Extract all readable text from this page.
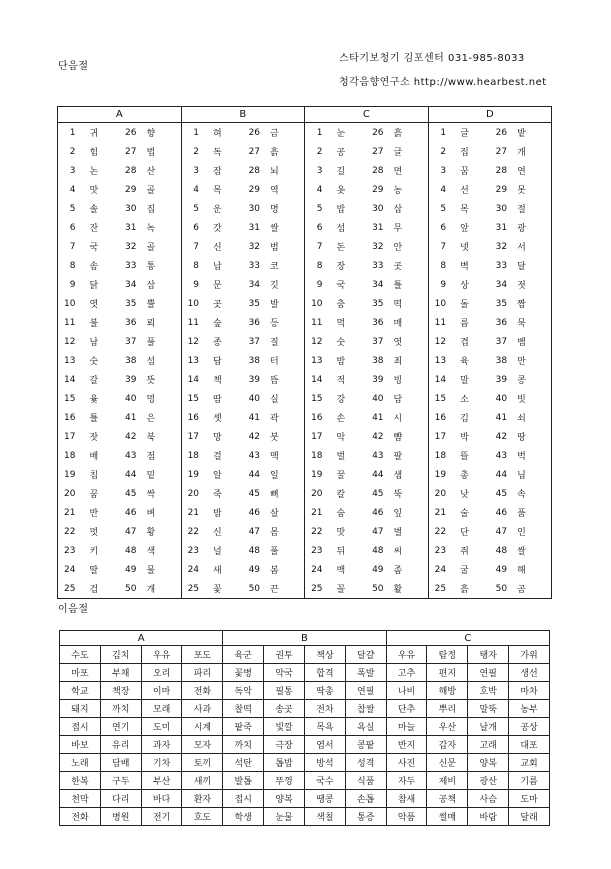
단음절
스타기보청기 김포센터 031-985-8033
청각음향연구소 http://www.hearbest.net
A				B				C				D			
1	귀	26	향	1	혀	26	금	1	눈	26	흙	1	글	26	밭
2	힘	27	법	2	독	27	흙	2	공	27	글	2	집	27	개
3	논	28	산	3	잠	28	뇌	3	길	28	면	3	꿈	28	연
4	맛	29	골	4	목	29	역	4	옷	29	농	4	선	29	못
5	솔	30	집	5	운	30	명	5	밥	30	삽	5	목	30	절
6	잔	31	녹	6	갓	31	쌀	6	섬	31	무	6	앞	31	광
7	국	32	골	7	신	32	범	7	돈	32	안	7	넷	32	서
8	솜	33	통	8	납	33	코	8	장	33	곳	8	벽	33	달
9	닭	34	삼	9	문	34	깃	9	국	34	틀	9	상	34	젓
10	엿	35	뿔	10	곳	35	발	10	춤	35	떡	10	돌	35	짬
11	불	36	뢰	11	숲	36	등	11	먹	36	매	11	름	36	묵
12	남	37	풀	12	종	37	질	12	숫	37	엿	12	겹	37	벰
13	숫	38	섬	13	답	38	터	13	밤	38	죄	13	육	38	만
14	갈	39	뜻	14	책	39	뜸	14	적	39	빙	14	말	39	콩
15	윷	40	멍	15	땀	40	실	15	강	40	담	15	소	40	빗
16	틀	41	은	16	셋	41	곽	16	손	41	시	16	김	41	쇠
17	잣	42	북	17	망	42	붓	17	악	42	뺨	17	박	42	땅
18	배	43	점	18	걸	43	맥	18	벌	43	팔	18	뜰	43	벅
19	침	44	밑	19	알	44	일	19	꿀	44	샘	19	총	44	님
20	꿈	45	싹	20	죽	45	뼈	20	칼	45	뚝	20	낮	45	속
21	반	46	벼	21	밤	46	살	21	숨	46	잎	21	술	46	품
22	멋	47	황	22	신	47	몸	22	맛	47	별	22	단	47	인
23	키	48	색	23	널	48	풀	23	뒤	48	씨	23	쥐	48	쌀
24	딸	49	물	24	새	49	봄	24	백	49	좀	24	굴	49	해
25	검	50	개	25	꽃	50	끈	25	꼴	50	활	25	흙	50	곰
이음절
A				B				C			
수도	김치	우유	포도	육군	권투	책상	달걀	우유	탐정	탱자	가위
마포	부채	오리	파리	꽃병	악국	합격	폭발	고추	편지	연필	생선
학교	책장	이마	전화	독악	필통	딱총	연필	나비	해방	호박	마차
돼지	까치	모래	사과	찰떡	송곳	전차	찹쌀	단추	뿌리	말뚝	농부
접시	연기	도미	시계	팥죽	빛깔	목욕	욕실	마늘	우산	날개	공상
바보	유리	과자	모자	까치	극장	엽서	콩팥	반지	갑자	고래	대포
노래	담배	기차	토끼	석탄	톱밥	방석	성격	사진	신문	양복	교회
한복	구두	부산	새끼	발톱	뚜껑	국수	식품	자두	제비	광산	기름
천막	다리	바다	환자	접시	양복	땡콩	손톱	참새	공책	사슴	도마
전화	병원	전기	호도	학생	눈물	색칠	통증	악품	썰매	바람	달래
